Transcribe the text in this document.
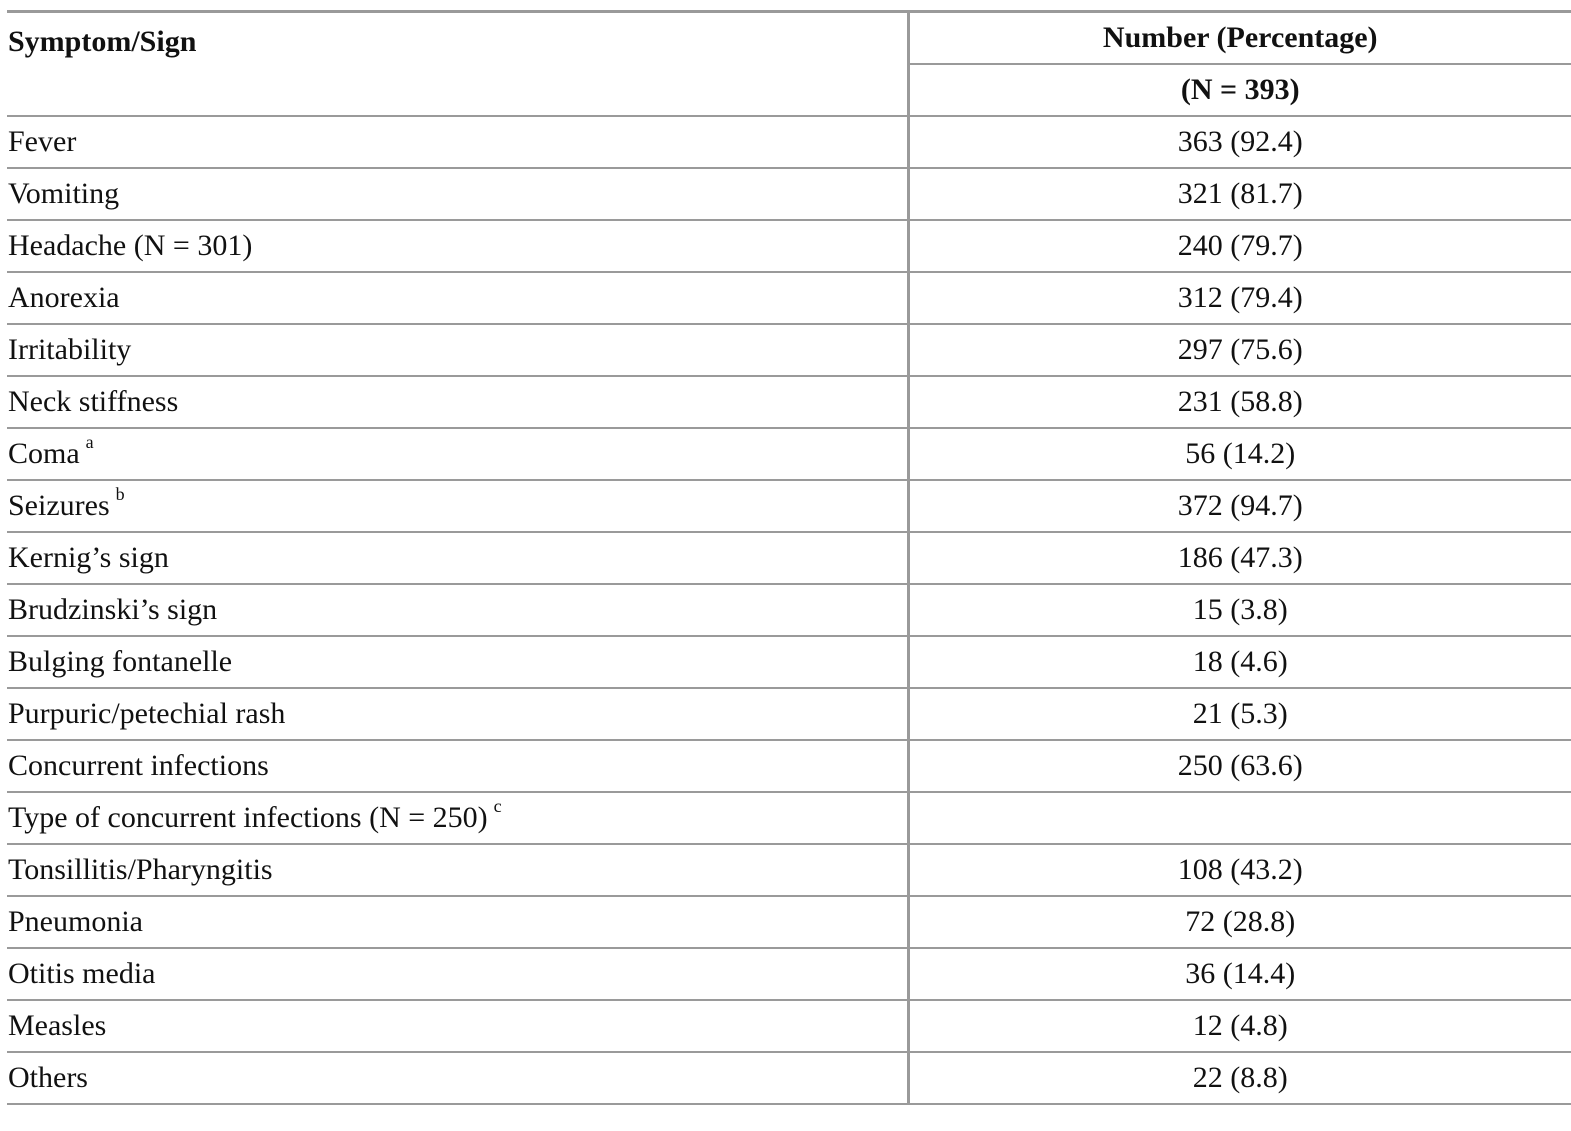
Symptom/Sign	Number (Percentage)
	(N = 393)
Fever	363 (92.4)
Vomiting	321 (81.7)
Headache (N = 301)	240 (79.7)
Anorexia	312 (79.4)
Irritability	297 (75.6)
Neck stiffness	231 (58.8)
Coma $^a$	56 (14.2)
Seizures $^b$	372 (94.7)
Kernig’s sign	186 (47.3)
Brudzinski’s sign	15 (3.8)
Bulging fontanelle	18 (4.6)
Purpuric/petechial rash	21 (5.3)
Concurrent infections	250 (63.6)
Type of concurrent infections (N = 250) $^c$	
Tonsillitis/Pharyngitis	108 (43.2)
Pneumonia	72 (28.8)
Otitis media	36 (14.4)
Measles	12 (4.8)
Others	22 (8.8)
